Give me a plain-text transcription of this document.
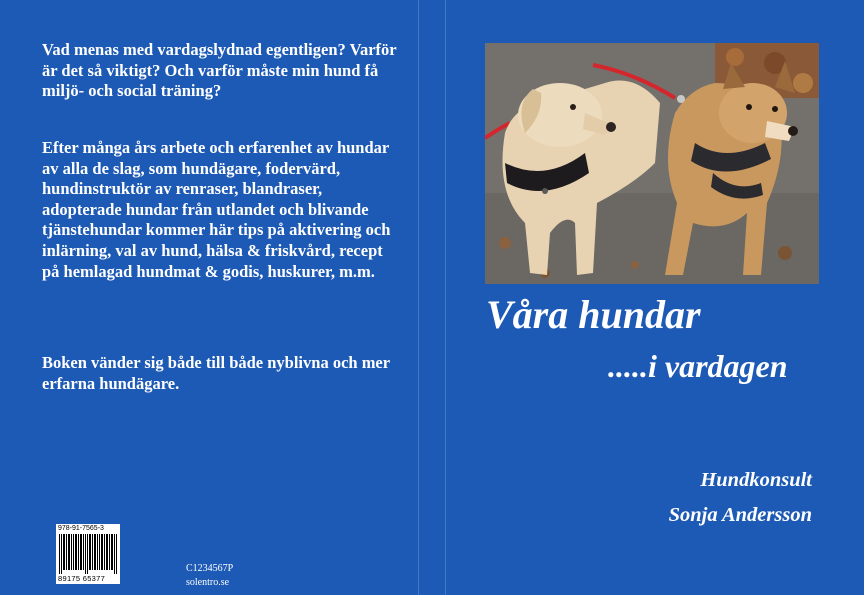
Vad menas med vardagslydnad egentligen? Varför är det så viktigt? Och varför måste min hund få miljö- och social träning?

Efter många års arbete och erfarenhet av hundar av alla de slag, som hundägare, fodervärd, hundinstruktör av renraser, blandraser, adopterade hundar från utlandet och blivande tjänstehundar kommer här tips på aktivering och inlärning, val av hund, hälsa & friskvård, recept på hemlagad hundmat & godis, huskurer, m.m.

Boken vänder sig både till både nyblivna och mer erfarna hundägare.

978-91-7565-3
89175 65377
C1234567P
solentro.se
Våra hundar
.....i vardagen

Hundkonsult

Sonja Andersson
